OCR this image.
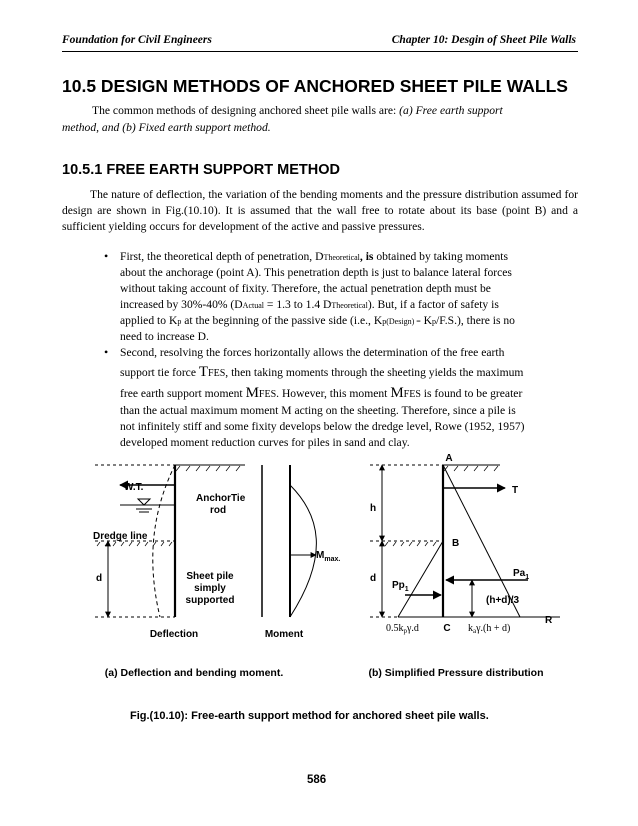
Foundation for Civil Engineers	Chapter 10: Desgin of Sheet Pile Walls
10.5 DESIGN METHODS OF ANCHORED SHEET PILE WALLS
The common methods of designing anchored sheet pile walls are: (a) Free earth support
method, and (b) Fixed earth support method.
10.5.1 FREE EARTH SUPPORT METHOD
The nature of deflection, the variation of the bending moments and the pressure distribution assumed for design are shown in Fig.(10.10). It is assumed that the wall free to rotate about its base (point B) and a sufficient yielding occurs for development of the active and passive pressures.
• First, the theoretical depth of penetration, DTheoretical, is obtained by taking moments
about the anchorage (point A). This penetration depth is just to balance lateral forces
without taking account of fixity. Therefore, the actual penetration depth must be
increased by 30%-40% (DActual = 1.3 to 1.4 DTheoretical). But, if a factor of safety is
applied to Kp at the beginning of the passive side (i.e., Kp(Design) = Kp/F.S.), there is no
need to increase D.
• Second, resolving the forces horizontally allows the determination of the free earth
support tie force TFES, then taking moments through the sheeting yields the maximum
free earth support moment MFES. However, this moment MFES is found to be greater
than the actual maximum moment M acting on the sheeting. Therefore, since a pile is
not infinitely stiff and some fixity develops below the dredge level, Rowe (1952, 1957)
developed moment reduction curves for piles in sand and clay.
W.T.
AnchorTie
rod
Dredge line
d	Sheet pile
simply
supported
$M_{max.}$
Deflection	Moment
(a) Deflection and bending moment.
A
T
h
B
d
$Pp_1$
$Pa_1$
(h+d)/3
R
C
$0.5k_p\gamma.d$	$k_a\gamma.(h + d)$
(b) Simplified Pressure distribution
Fig.(10.10): Free-earth support method for anchored sheet pile walls.
586
